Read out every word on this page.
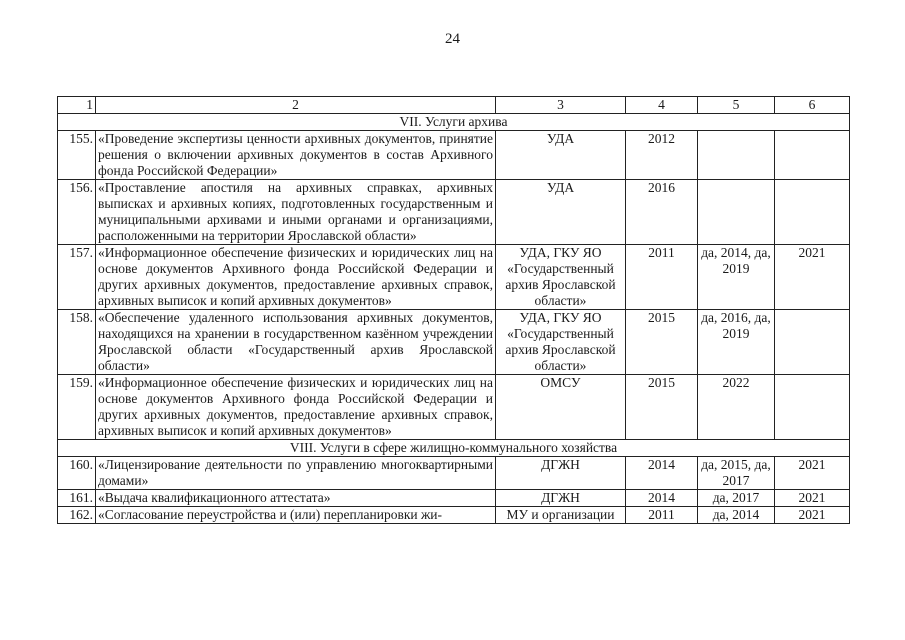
24
1	2	3	4	5	6
VII. Услуги архива					
155.	«Проведение экспертизы ценности архивных документов, принятие решения о включении архивных документов в состав Архивного фонда Российской Федерации»	УДА	2012		
156.	«Проставление апостиля на архивных справках, архивных выписках и архивных копиях, подготовленных государственным и муниципальными архивами и иными органами и организациями, расположенными на территории Ярославской области»	УДА	2016		
157.	«Информационное обеспечение физических и юридических лиц на основе документов Архивного фонда Российской Федерации и других архивных документов, предоставление архивных справок, архивных выписок и копий архивных документов»	УДА, ГКУ ЯО «Государственный архив Ярославской области»	2011	да, 2014, да, 2019	2021
158.	«Обеспечение удаленного использования архивных документов, находящихся на хранении в государственном казённом учреждении Ярославской области «Государственный архив Ярославской области»	УДА, ГКУ ЯО «Государственный архив Ярославской области»	2015	да, 2016, да, 2019	
159.	«Информационное обеспечение физических и юридических лиц на основе документов Архивного фонда Российской Федерации и других архивных документов, предоставление архивных справок, архивных выписок и копий архивных документов»	ОМСУ	2015	2022	
VIII. Услуги в сфере жилищно-коммунального хозяйства					
160.	«Лицензирование деятельности по управлению многоквартирными домами»	ДГЖН	2014	да, 2015, да, 2017	2021
161.	«Выдача квалификационного аттестата»	ДГЖН	2014	да, 2017	2021
162.	«Согласование переустройства и (или) перепланировки жи-	МУ и организации	2011	да, 2014	2021
